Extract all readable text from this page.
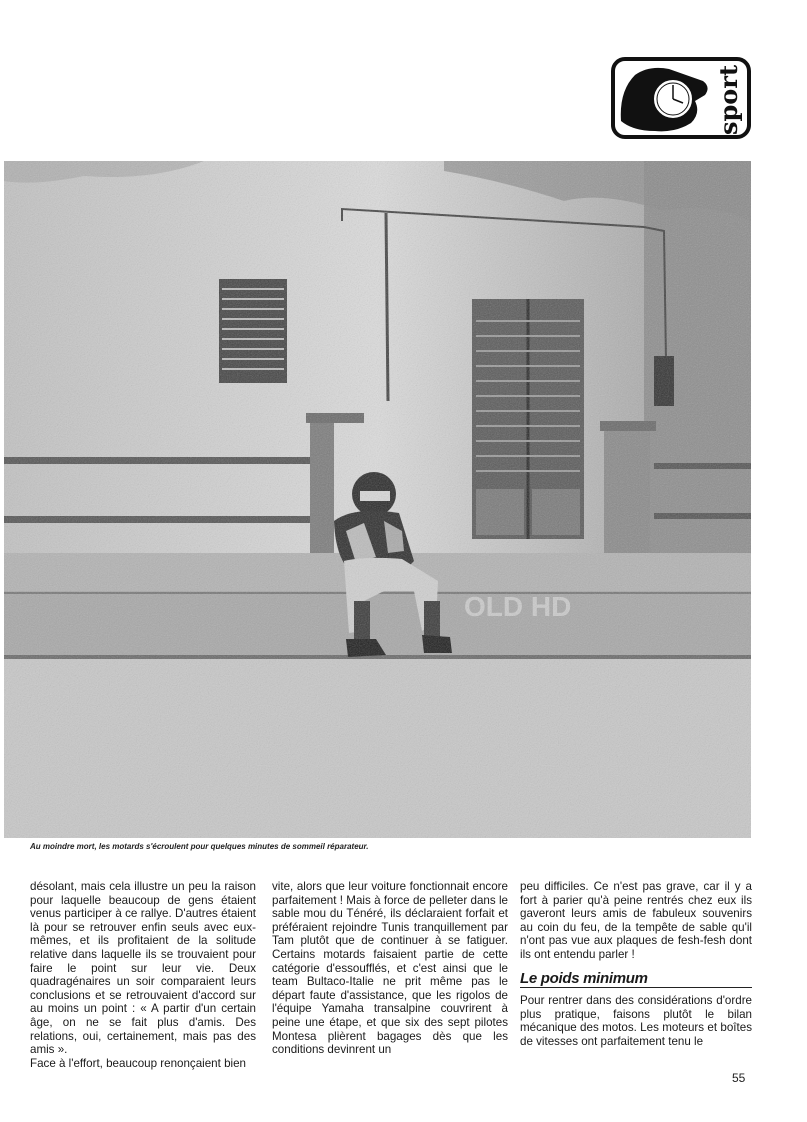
sport
Au moindre mort, les motards s'écroulent pour quelques minutes de sommeil réparateur.

désolant, mais cela illustre un peu la raison pour laquelle beaucoup de gens étaient venus participer à ce rallye. D'autres étaient là pour se retrouver enfin seuls avec eux-mêmes, et ils profitaient de la solitude relative dans laquelle ils se trouvaient pour faire le point sur leur vie. Deux quadragénaires un soir comparaient leurs conclusions et se retrouvaient d'accord sur au moins un point : « A partir d'un certain âge, on ne se fait plus d'amis. Des relations, oui, certainement, mais pas des amis ».

Face à l'effort, beaucoup renonçaient bien

vite, alors que leur voiture fonctionnait encore parfaitement ! Mais à force de pelleter dans le sable mou du Ténéré, ils déclaraient forfait et préféraient rejoindre Tunis tranquillement par Tam plutôt que de continuer à se fatiguer. Certains motards faisaient partie de cette catégorie d'essoufflés, et c'est ainsi que le team Bultaco-Italie ne prit même pas le départ faute d'assistance, que les rigolos de l'équipe Yamaha transalpine couvrirent à peine une étape, et que six des sept pilotes Montesa plièrent bagages dès que les conditions devinrent un

peu difficiles. Ce n'est pas grave, car il y a fort à parier qu'à peine rentrés chez eux ils gaveront leurs amis de fabuleux souvenirs au coin du feu, de la tempête de sable qu'il n'ont pas vue aux plaques de fesh-fesh dont ils ont entendu parler !

Le poids minimum

Pour rentrer dans des considérations d'ordre plus pratique, faisons plutôt le bilan mécanique des motos. Les moteurs et boîtes de vitesses ont parfaitement tenu le

55
